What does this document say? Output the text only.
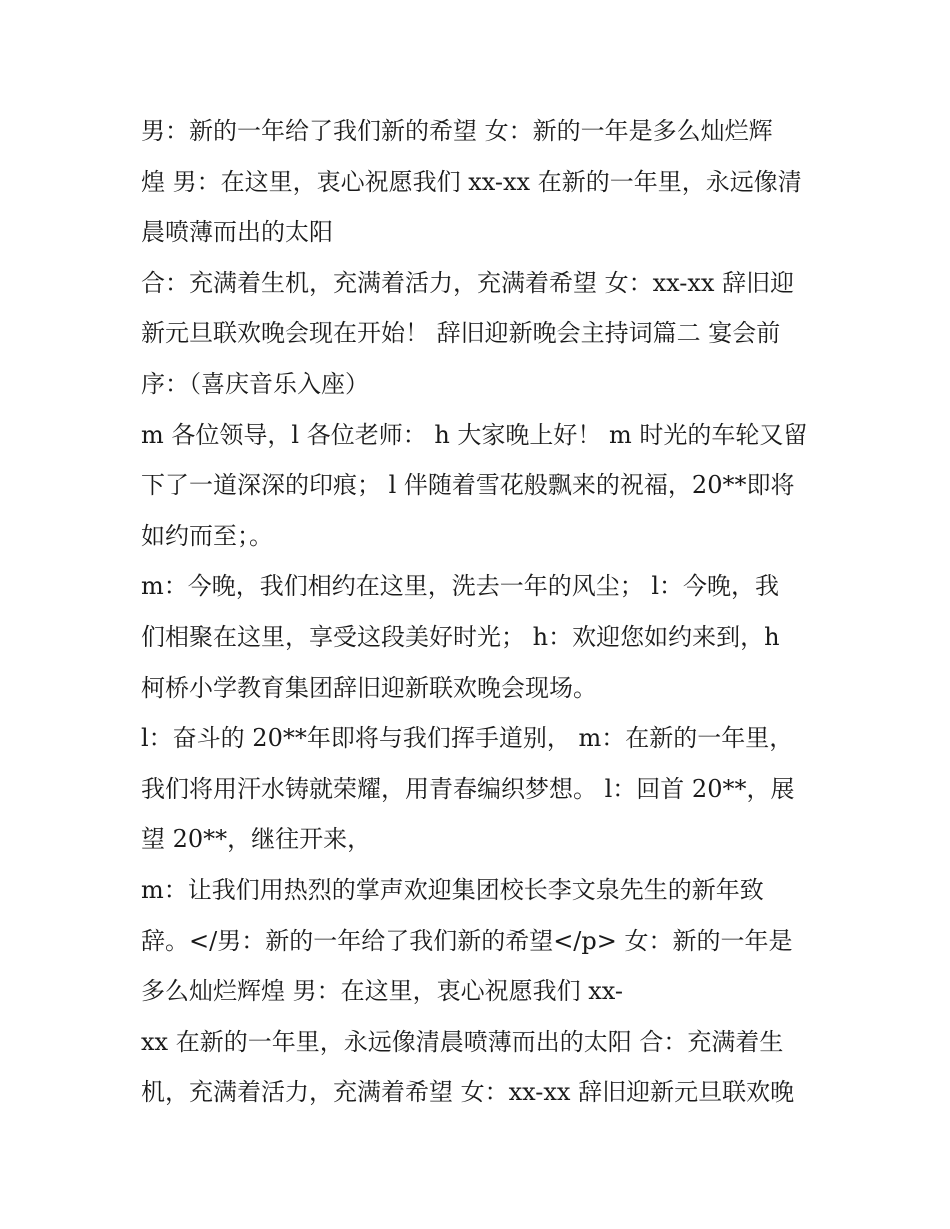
男：新的一年给了我们新的希望 女：新的一年是多么灿烂辉
煌 男：在这里，衷心祝愿我们 xx-xx 在新的一年里，永远像清
晨喷薄而出的太阳
合：充满着生机，充满着活力，充满着希望 女：xx-xx 辞旧迎
新元旦联欢晚会现在开始！ 辞旧迎新晚会主持词篇二 宴会前
序：（喜庆音乐入座）
m 各位领导，l 各位老师： h 大家晚上好！ m 时光的车轮又留
下了一道深深的印痕； l 伴随着雪花般飘来的祝福，20**即将
如约而至；。
m：今晚，我们相约在这里，洗去一年的风尘； l：今晚，我
们相聚在这里，享受这段美好时光； h：欢迎您如约来到，h
柯桥小学教育集团辞旧迎新联欢晚会现场。
l：奋斗的 20**年即将与我们挥手道别， m：在新的一年里，
我们将用汗水铸就荣耀，用青春编织梦想。 l：回首 20**，展
望 20**，继往开来，
m：让我们用热烈的掌声欢迎集团校长李文泉先生的新年致
辞。</男：新的一年给了我们新的希望</p> 女：新的一年是
多么灿烂辉煌 男：在这里，衷心祝愿我们 xx-
xx 在新的一年里，永远像清晨喷薄而出的太阳 合：充满着生
机，充满着活力，充满着希望 女：xx-xx 辞旧迎新元旦联欢晚
